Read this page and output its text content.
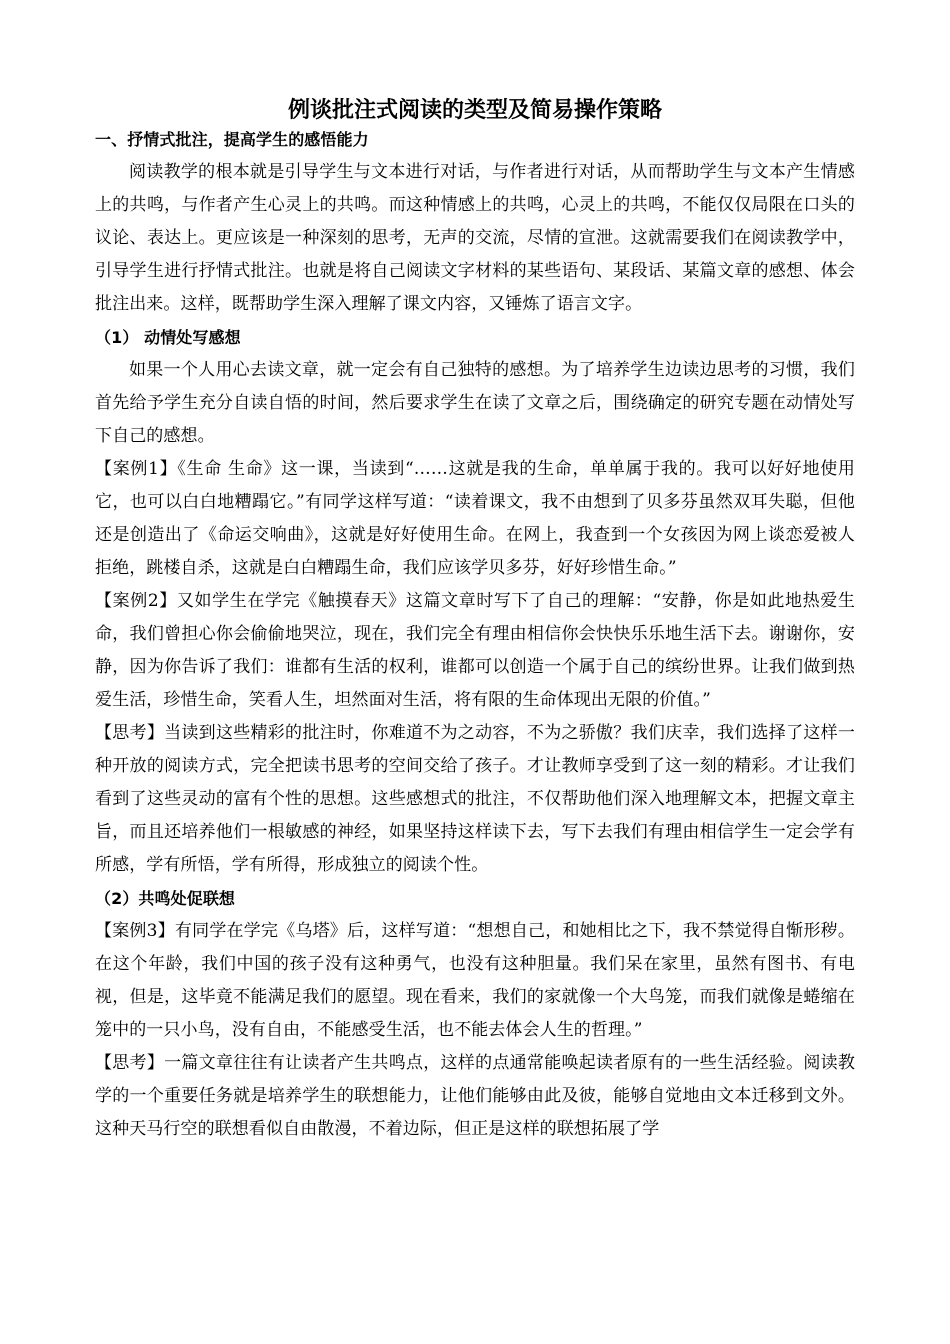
例谈批注式阅读的类型及简易操作策略
一、抒情式批注，提高学生的感悟能力

阅读教学的根本就是引导学生与文本进行对话，与作者进行对话，从而帮助学生与文本产生情感上的共鸣，与作者产生心灵上的共鸣。而这种情感上的共鸣，心灵上的共鸣，不能仅仅局限在口头的议论、表达上。更应该是一种深刻的思考，无声的交流，尽情的宣泄。这就需要我们在阅读教学中，引导学生进行抒情式批注。也就是将自己阅读文字材料的某些语句、某段话、某篇文章的感想、体会批注出来。这样，既帮助学生深入理解了课文内容，又锤炼了语言文字。

（1） 动情处写感想

如果一个人用心去读文章，就一定会有自己独特的感想。为了培养学生边读边思考的习惯，我们首先给予学生充分自读自悟的时间，然后要求学生在读了文章之后，围绕确定的研究专题在动情处写下自己的感想。

【案例1】《生命 生命》这一课，当读到“……这就是我的生命，单单属于我的。我可以好好地使用它，也可以白白地糟蹋它。”有同学这样写道：“读着课文，我不由想到了贝多芬虽然双耳失聪，但他还是创造出了《命运交响曲》，这就是好好使用生命。在网上，我查到一个女孩因为网上谈恋爱被人拒绝，跳楼自杀，这就是白白糟蹋生命，我们应该学贝多芬，好好珍惜生命。”

【案例2】又如学生在学完《触摸春天》这篇文章时写下了自己的理解：“安静，你是如此地热爱生命，我们曾担心你会偷偷地哭泣，现在，我们完全有理由相信你会快快乐乐地生活下去。谢谢你，安静，因为你告诉了我们：谁都有生活的权利，谁都可以创造一个属于自己的缤纷世界。让我们做到热爱生活，珍惜生命，笑看人生，坦然面对生活，将有限的生命体现出无限的价值。”

【思考】当读到这些精彩的批注时，你难道不为之动容，不为之骄傲？我们庆幸，我们选择了这样一种开放的阅读方式，完全把读书思考的空间交给了孩子。才让教师享受到了这一刻的精彩。才让我们看到了这些灵动的富有个性的思想。这些感想式的批注，不仅帮助他们深入地理解文本，把握文章主旨，而且还培养他们一根敏感的神经，如果坚持这样读下去，写下去我们有理由相信学生一定会学有所感，学有所悟，学有所得，形成独立的阅读个性。

（2）共鸣处促联想

【案例3】有同学在学完《乌塔》后，这样写道：“想想自己，和她相比之下，我不禁觉得自惭形秽。在这个年龄，我们中国的孩子没有这种勇气，也没有这种胆量。我们呆在家里，虽然有图书、有电视，但是，这毕竟不能满足我们的愿望。现在看来，我们的家就像一个大鸟笼，而我们就像是蜷缩在笼中的一只小鸟，没有自由，不能感受生活，也不能去体会人生的哲理。”

【思考】一篇文章往往有让读者产生共鸣点，这样的点通常能唤起读者原有的一些生活经验。阅读教学的一个重要任务就是培养学生的联想能力，让他们能够由此及彼，能够自觉地由文本迁移到文外。这种天马行空的联想看似自由散漫，不着边际，但正是这样的联想拓展了学
